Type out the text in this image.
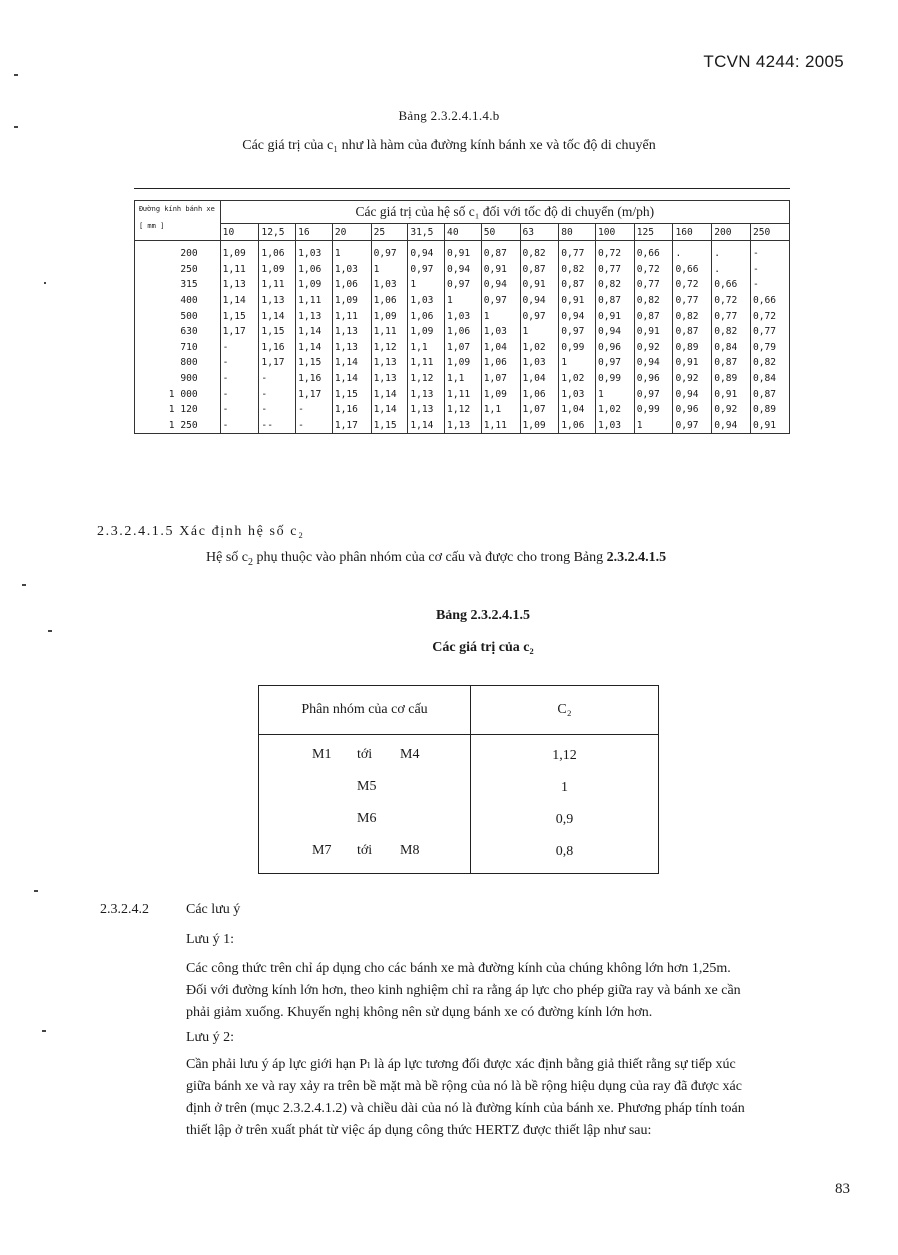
TCVN 4244: 2005
Bảng 2.3.2.4.1.4.b
Các giá trị của c₁ như là hàm của đường kính bánh xe và tốc độ di chuyển
Đường kính bánh xe
[ mm ]	Các giá trị của hệ số c₁ đối với tốc độ di chuyển (m/ph)														
	10	12,5	16	20	25	31,5	40	50	63	80	100	125	160	200	250
200	1,09	1,06	1,03	1	0,97	0,94	0,91	0,87	0,82	0,77	0,72	0,66	.	.	-
250	1,11	1,09	1,06	1,03	1	0,97	0,94	0,91	0,87	0,82	0,77	0,72	0,66	.	-
315	1,13	1,11	1,09	1,06	1,03	1	0,97	0,94	0,91	0,87	0,82	0,77	0,72	0,66	-
400	1,14	1,13	1,11	1,09	1,06	1,03	1	0,97	0,94	0,91	0,87	0,82	0,77	0,72	0,66
500	1,15	1,14	1,13	1,11	1,09	1,06	1,03	1	0,97	0,94	0,91	0,87	0,82	0,77	0,72
630	1,17	1,15	1,14	1,13	1,11	1,09	1,06	1,03	1	0,97	0,94	0,91	0,87	0,82	0,77
710	-	1,16	1,14	1,13	1,12	1,1	1,07	1,04	1,02	0,99	0,96	0,92	0,89	0,84	0,79
800	-	1,17	1,15	1,14	1,13	1,11	1,09	1,06	1,03	1	0,97	0,94	0,91	0,87	0,82
900	-	-	1,16	1,14	1,13	1,12	1,1	1,07	1,04	1,02	0,99	0,96	0,92	0,89	0,84
1 000	-	-	1,17	1,15	1,14	1,13	1,11	1,09	1,06	1,03	1	0,97	0,94	0,91	0,87
1 120	-	-	-	1,16	1,14	1,13	1,12	1,1	1,07	1,04	1,02	0,99	0,96	0,92	0,89
1 250	-	--	-	1,17	1,15	1,14	1,13	1,11	1,09	1,06	1,03	1	0,97	0,94	0,91
2.3.2.4.1.5 Xác định hệ số c₂
Hệ số $c_2$ phụ thuộc vào phân nhóm của cơ cấu và được cho trong Bảng 2.3.2.4.1.5
Bảng 2.3.2.4.1.5
Các giá trị của c₂
Phân nhóm của cơ cấu	C₂

M1 tới M4	1,12

M5	1

M6	0,9

M7 tới M8	0,8
2.3.2.4.2	Các lưu ý
Lưu ý 1:
Các công thức trên chỉ áp dụng cho các bánh xe mà đường kính của chúng không lớn hơn 1,25m.
Đối với đường kính lớn hơn, theo kinh nghiệm chỉ ra rằng áp lực cho phép giữa ray và bánh xe cần
phải giảm xuống. Khuyến nghị không nên sử dụng bánh xe có đường kính lớn hơn.
Lưu ý 2:
Cần phải lưu ý áp lực giới hạn Pₗ là áp lực tương đối được xác định bằng giả thiết rằng sự tiếp xúc
giữa bánh xe và ray xảy ra trên bề mặt mà bề rộng của nó là bề rộng hiệu dụng của ray đã được xác
định ở trên (mục 2.3.2.4.1.2) và chiều dài của nó là đường kính của bánh xe. Phương pháp tính toán
thiết lập ở trên xuất phát từ việc áp dụng công thức HERTZ được thiết lập như sau:
83
